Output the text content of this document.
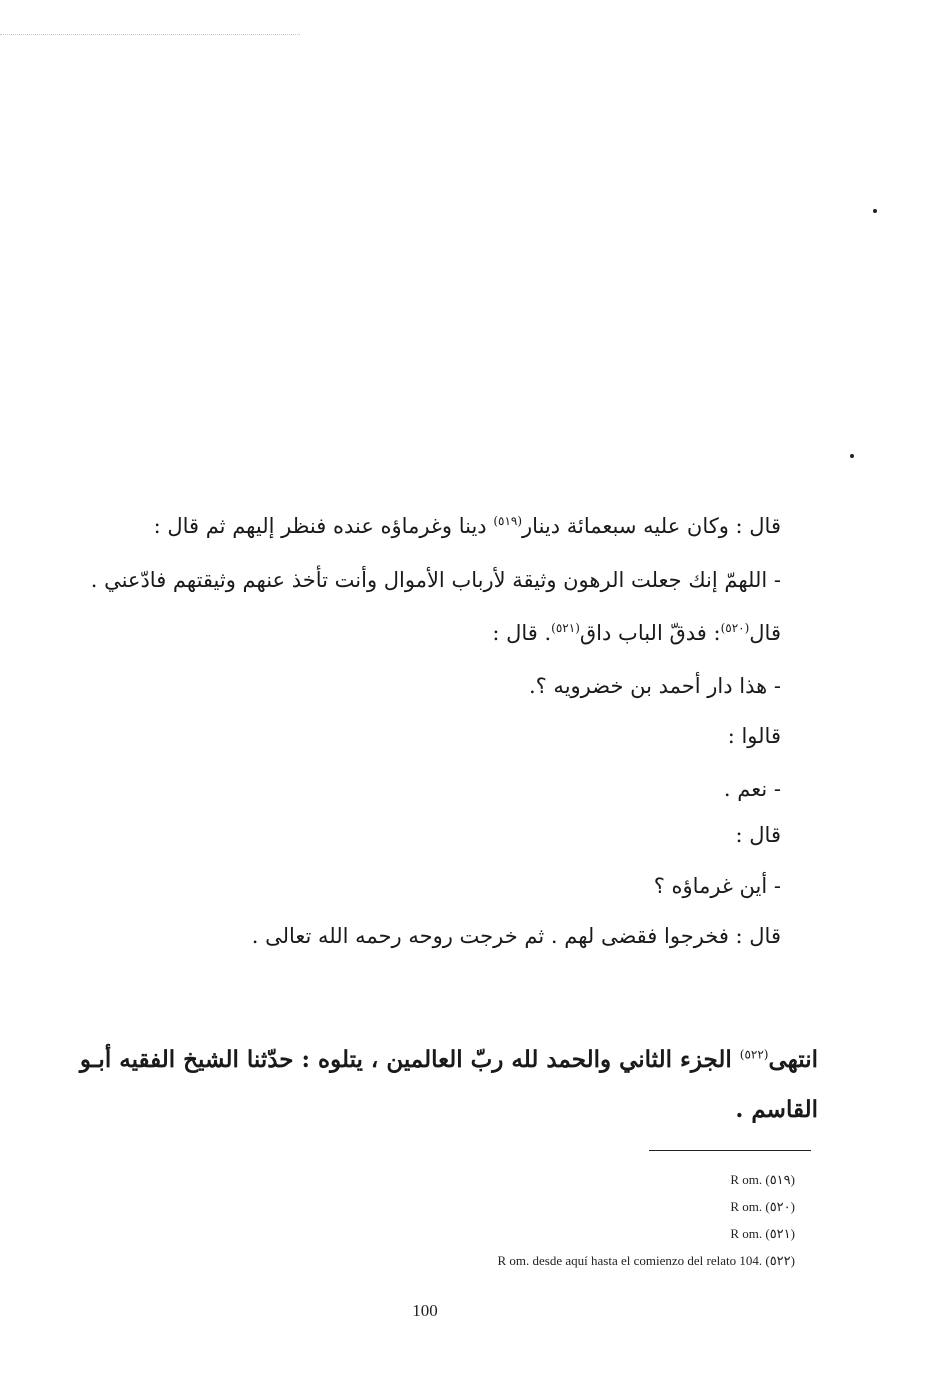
قال : وكان عليه سبعمائة دينار$^{(٥١٩)}$ دينا وغرماؤه عنده فنظر إليهم ثم قال :
- اللهمّ إنك جعلت الرهون وثيقة لأرباب الأموال وأنت تأخذ عنهم وثيقتهم فادّعني .
قال$^{(٥٢٠)}$: فدقّ الباب داق$^{(٥٢١)}$. قال :
- هذا دار أحمد بن خضرويه ؟.
قالوا :
- نعم .
قال :
- أين غرماؤه ؟
قال : فخرجوا فقضى لهم . ثم خرجت روحه رحمه الله تعالى .
انتهى$^{(٥٢٢)}$ الجزء الثاني والحمد لله ربّ العالمين ، يتلوه : حدّثنا الشيخ الفقيه أبـو
القاسم .
R om. (٥١٩)
R om. (٥٢٠)
R om. (٥٢١)
R om. desde aquí hasta el comienzo del relato 104. (٥٢٢)
100
